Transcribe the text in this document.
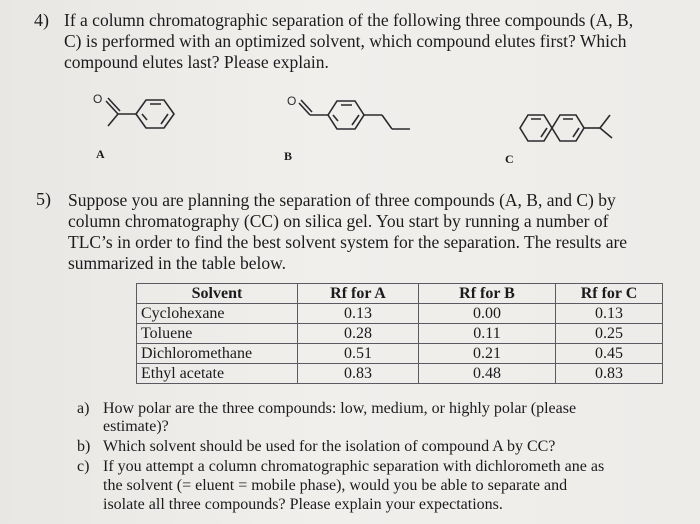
4) If a column chromatographic separation of the following three compounds (A, B,
C) is performed with an optimized solvent, which compound elutes first? Which
compound elutes last? Please explain.
O
A
O
B	C
5) Suppose you are planning the separation of three compounds (A, B, and C) by
column chromatography (CC) on silica gel. You start by running a number of
TLC’s in order to find the best solvent system for the separation. The results are
summarized in the table below.
Solvent	Rf for A	Rf for B	Rf for C
Cyclohexane	0.13	0.00	0.13
Toluene	0.28	0.11	0.25
Dichloromethane	0.51	0.21	0.45
Ethyl acetate	0.83	0.48	0.83
a) How polar are the three compounds: low, medium, or highly polar (please
estimate)?
b) Which solvent should be used for the isolation of compound A by CC?
c) If you attempt a column chromatographic separation with dichlorometh ane as
the solvent (= eluent = mobile phase), would you be able to separate and
isolate all three compounds? Please explain your expectations.
